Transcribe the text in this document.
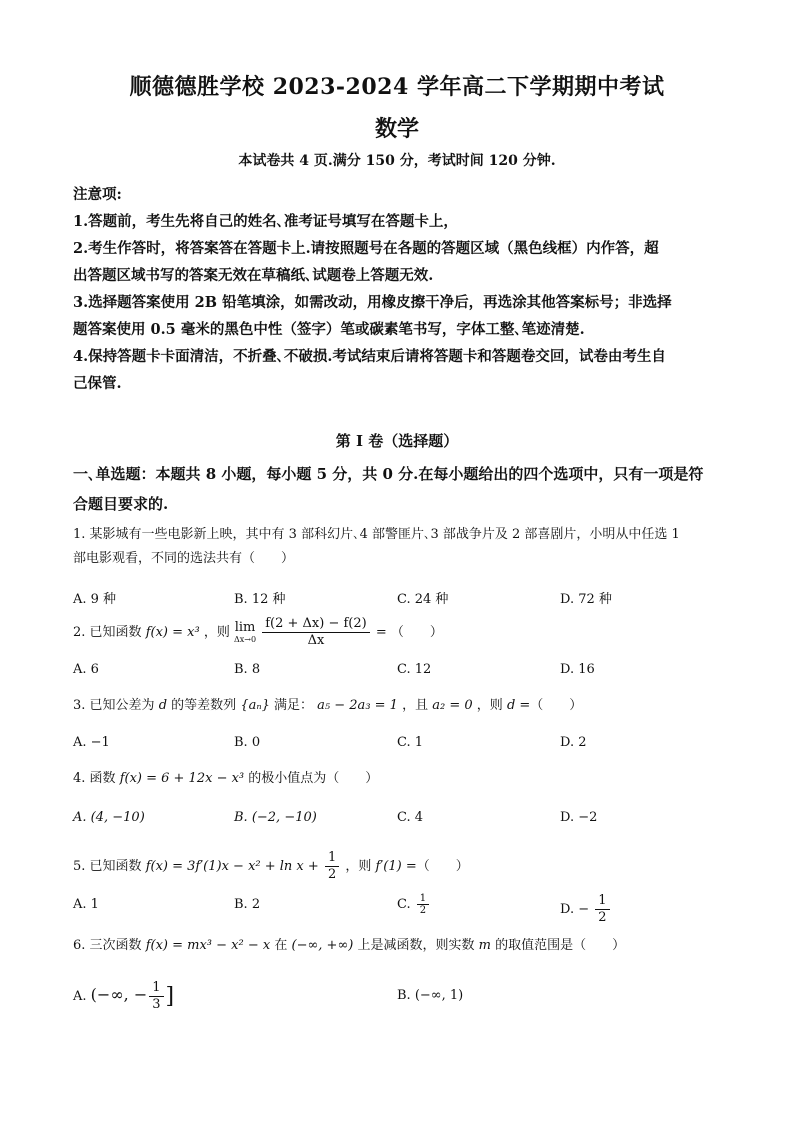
顺德德胜学校 2023-2024 学年高二下学期期中考试
数学
本试卷共 4 页.满分 150 分，考试时间 120 分钟.

注意项:

1.答题前，考生先将自己的姓名､准考证号填写在答题卡上，

2.考生作答时，将答案答在答题卡上.请按照题号在各题的答题区域（黑色线框）内作答，超

出答题区域书写的答案无效在草稿纸､试题卷上答题无效.

3.选择题答案使用 2B 铅笔填涂，如需改动，用橡皮擦干净后，再选涂其他答案标号；非选择

题答案使用 0.5 毫米的黑色中性（签字）笔或碳素笔书写，字体工整､笔迹清楚.

4.保持答题卡卡面清洁，不折叠､不破损.考试结束后请将答题卡和答题卷交回，试卷由考生自

己保管.

第 I 卷（选择题）
一､单选题：本题共 8 小题，每小题 5 分，共 0 分.在每小题给出的四个选项中，只有一项是符
合题目要求的.
1. 某影城有一些电影新上映，其中有 3 部科幻片､4 部警匪片､3 部战争片及 2 部喜剧片，小明从中任选 1
部电影观看，不同的选法共有（　　）
A. 9 种	B. 12 种	C. 24 种	D. 72 种
2. 已知函数 f(x) = x³ ，则 lim
Δx→0
$\frac{f(2 + \Delta x) - f(2)}{\Delta x}$ = （　　）
A. 6	B. 8	C. 12	D. 16
3. 已知公差为 d 的等差数列 {aₙ} 满足： a₅ − 2a₃ = 1 ，且 a₂ = 0 ，则 d =（　　）
A. −1	B. 0	C. 1	D. 2
4. 函数 f(x) = 6 + 12x − x³ 的极小值点为（　　）
A. (4, −10)	B. (−2, −10)	C. 4	D. −2
5. 已知函数 $f(x) = 3f'(1)x - x^2 + \ln x + \frac{1}{2}$ ，则 f′(1) =（　　）
A. 1	B. 2	C. $\frac{1}{2}$	D. − $\frac{1}{2}$
6. 三次函数 f(x) = mx³ − x² − x 在 (−∞, +∞) 上是减函数，则实数 m 的取值范围是（　　）
A. (−∞, − $\frac{1}{3}$ ]	B. (−∞, 1)
